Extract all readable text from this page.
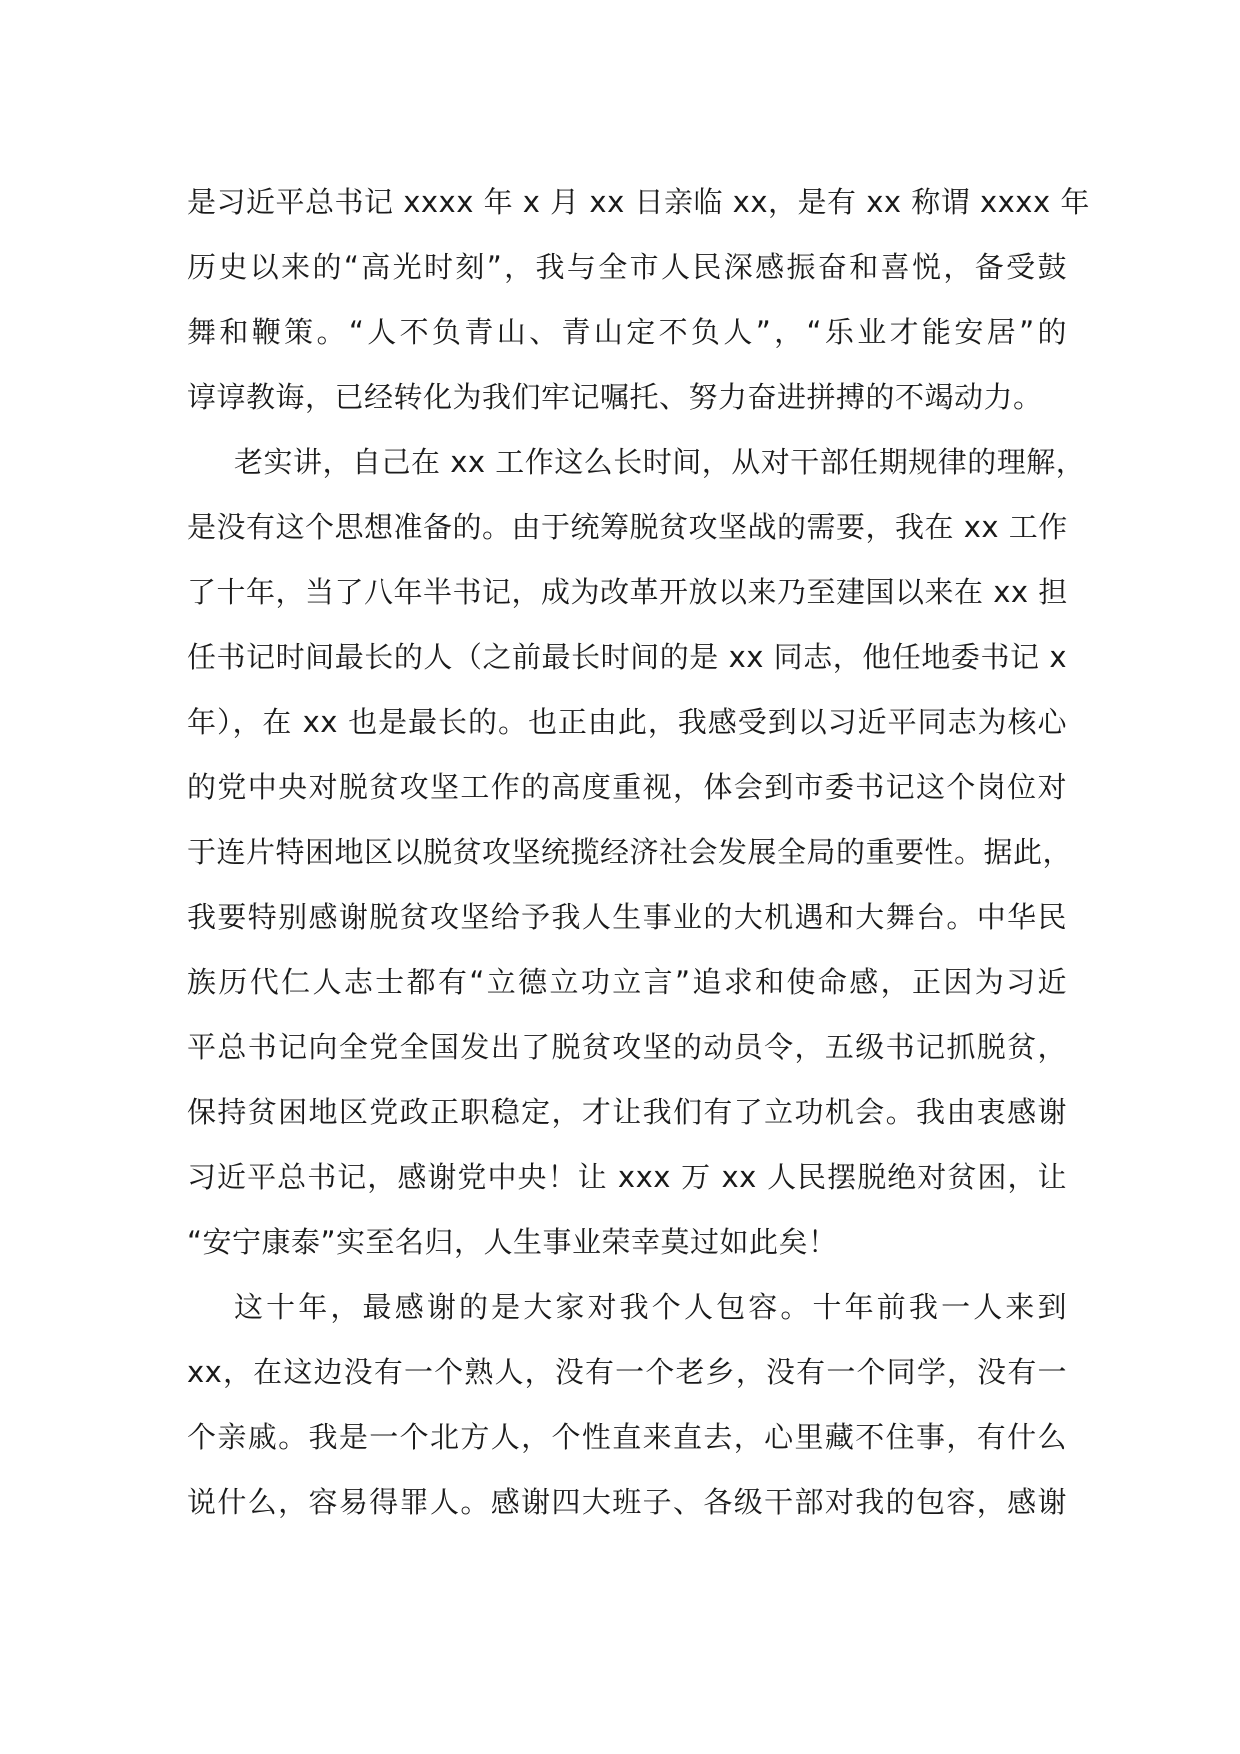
是习近平总书记 xxxx 年 x 月 xx 日亲临 xx，是有 xx 称谓 xxxx 年
历史以来的“高光时刻”，我与全市人民深感振奋和喜悦，备受鼓
舞和鞭策。“人不负青山、青山定不负人”，“乐业才能安居”的
谆谆教诲，已经转化为我们牢记嘱托、努力奋进拼搏的不竭动力。
老实讲，自己在 xx 工作这么长时间，从对干部任期规律的理解，
是没有这个思想准备的。由于统筹脱贫攻坚战的需要，我在 xx 工作
了十年，当了八年半书记，成为改革开放以来乃至建国以来在 xx 担
任书记时间最长的人（之前最长时间的是 xx 同志，他任地委书记 x
年），在 xx 也是最长的。也正由此，我感受到以习近平同志为核心
的党中央对脱贫攻坚工作的高度重视，体会到市委书记这个岗位对
于连片特困地区以脱贫攻坚统揽经济社会发展全局的重要性。据此，
我要特别感谢脱贫攻坚给予我人生事业的大机遇和大舞台。中华民
族历代仁人志士都有“立德立功立言”追求和使命感，正因为习近
平总书记向全党全国发出了脱贫攻坚的动员令，五级书记抓脱贫，
保持贫困地区党政正职稳定，才让我们有了立功机会。我由衷感谢
习近平总书记，感谢党中央！让 xxx 万 xx 人民摆脱绝对贫困，让
“安宁康泰”实至名归，人生事业荣幸莫过如此矣！
这十年，最感谢的是大家对我个人包容。十年前我一人来到
xx，在这边没有一个熟人，没有一个老乡，没有一个同学，没有一
个亲戚。我是一个北方人，个性直来直去，心里藏不住事，有什么
说什么，容易得罪人。感谢四大班子、各级干部对我的包容，感谢
